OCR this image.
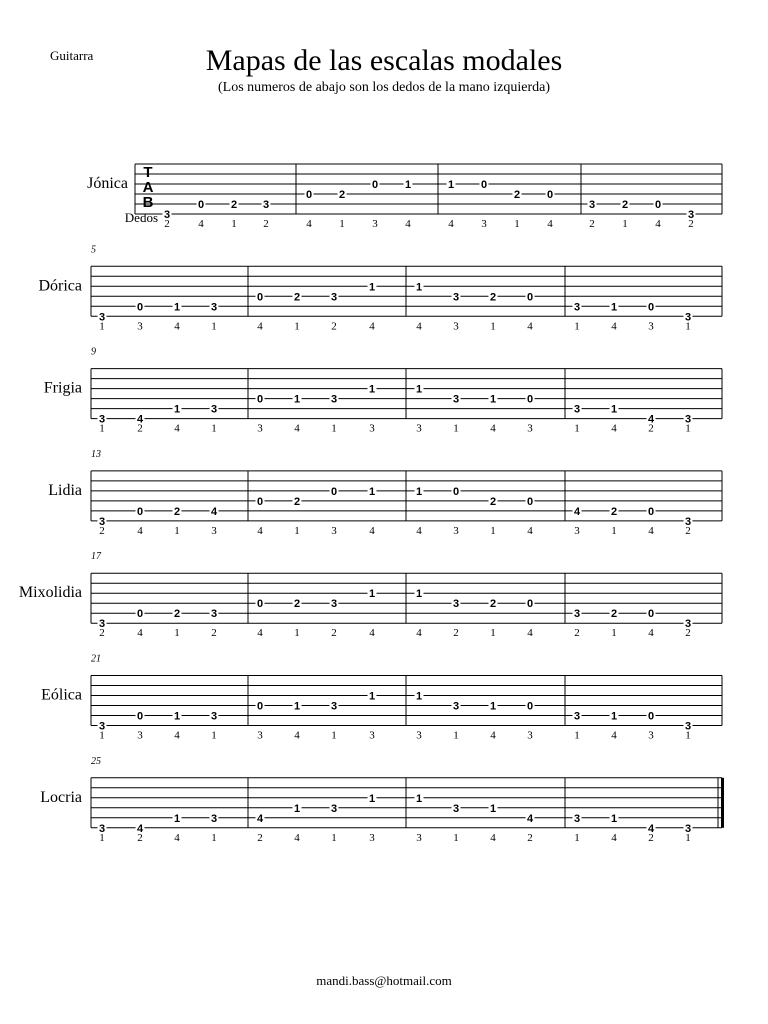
Guitarra	Mapas de las escalas modales
(Los numeros de abajo son los dedos de la mano izquierda)
Jónica
T
A
B
Dedos 3
0 2 3
0 2
0 1	1 0
2 0
3 2 0
3
2	4	1 2	4	1	3	4	4	3	1	4	2	1	4	2
Dórica
5
3
0	1	3
0	2	3
1	1
3	2	0
3	1	0
3
1	3	4	1	4	1	2	4	4	3	1	4	1	4	3	1
Frigia
9
3	4
1	3
0	1	3
1	1
3	1	0
3	1
4	3
1	2	4	1	3	4	1	3	3	1	4	3	1	4	2	1
Lidia
13
3
0	2	4
0	2
0	1	1	0
2	0
4	2	0
3
2	4	1	3	4	1	3	4	4	3	1	4	3	1	4	2
Mixolidia
17
3
0	2	3
0	2	3
1	1
3	2	0
3	2	0
3
2	4	1	2	4	1	2	4	4	2	1	4	2	1	4	2
Eólica
21
3
0	1	3
0	1	3
1	1
3	1	0
3	1	0
3
1	3	4	1	3	4	1	3	3	1	4	3	1	4	3	1
Locria
25
3	4
1	3	4
1	3
1	1
3	1
4	3	1
4	3
1	2	4	1	2	4	1	3	3	1	4	2	1	4	2	1
mandi.bass@hotmail.com
